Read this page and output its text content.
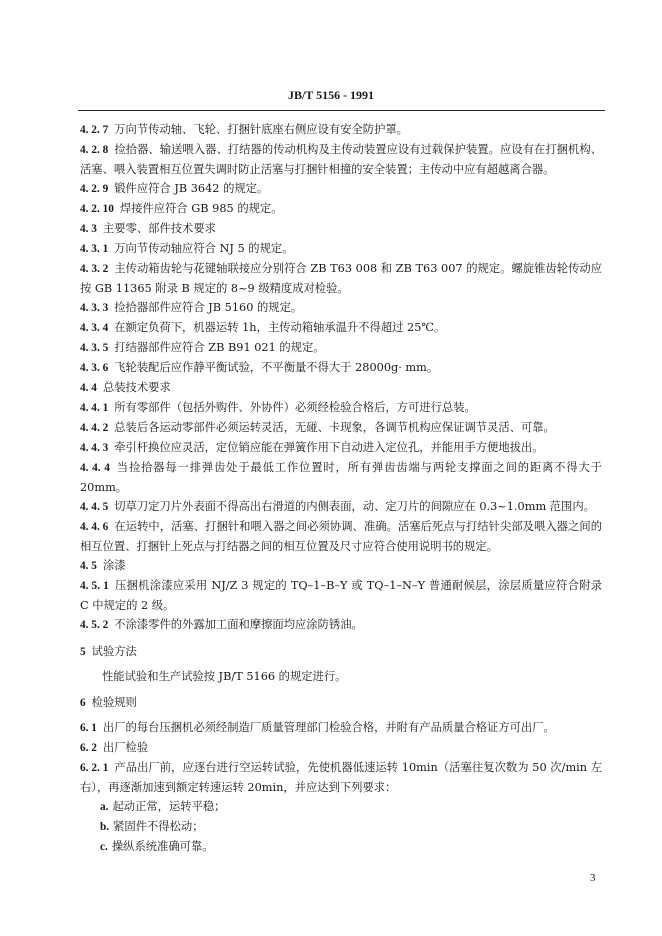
JB/T 5156 - 1991

4. 2. 7 万向节传动轴、飞轮、打捆针底座右侧应设有安全防护罩。

4. 2. 8 捡拾器、输送喂入器、打结器的传动机构及主传动装置应设有过载保护装置。应设有在打捆机构、活塞、喂入装置相互位置失调时防止活塞与打捆针相撞的安全装置；主传动中应有超越离合器。

4. 2. 9 锻件应符合 JB 3642 的规定。

4. 2. 10 焊接件应符合 GB 985 的规定。

4. 3 主要零、部件技术要求

4. 3. 1 万向节传动轴应符合 NJ 5 的规定。

4. 3. 2 主传动箱齿轮与花键轴联接应分别符合 ZB T63 008 和 ZB T63 007 的规定。螺旋锥齿轮传动应按 GB 11365 附录 B 规定的 8~9 级精度成对检验。

4. 3. 3 捡拾器部件应符合 JB 5160 的规定。

4. 3. 4 在额定负荷下，机器运转 1h，主传动箱轴承温升不得超过 25℃。

4. 3. 5 打结器部件应符合 ZB B91 021 的规定。

4. 3. 6 飞轮装配后应作静平衡试验，不平衡量不得大于 28000g· mm。

4. 4 总装技术要求

4. 4. 1 所有零部件（包括外购件、外协件）必须经检验合格后，方可进行总装。

4. 4. 2 总装后各运动零部件必须运转灵活，无碰、卡现象，各调节机构应保证调节灵活、可靠。

4. 4. 3 牵引杆换位应灵活，定位销应能在弹簧作用下自动进入定位孔，并能用手方便地拔出。

4. 4. 4 当捡拾器每一排弹齿处于最低工作位置时，所有弹齿齿端与两轮支撑面之间的距离不得大于 20mm。

4. 4. 5 切草刀定刀片外表面不得高出右滑道的内侧表面，动、定刀片的间隙应在 0.3~1.0mm 范围内。

4. 4. 6 在运转中，活塞、打捆针和喂入器之间必须协调、准确。活塞后死点与打结针尖部及喂入器之间的相互位置、打捆针上死点与打结器之间的相互位置及尺寸应符合使用说明书的规定。

4. 5 涂漆

4. 5. 1 压捆机涂漆应采用 NJ/Z 3 规定的 TQ–1–B–Y 或 TQ–1–N–Y 普通耐候层，涂层质量应符合附录 C 中规定的 2 级。

4. 5. 2 不涂漆零件的外露加工面和摩擦面均应涂防锈油。

5 试验方法

性能试验和生产试验按 JB/T 5166 的规定进行。

6 检验规则

6. 1 出厂的每台压捆机必须经制造厂质量管理部门检验合格，并附有产品质量合格证方可出厂。

6. 2 出厂检验

6. 2. 1 产品出厂前，应逐台进行空运转试验，先使机器低速运转 10min（活塞往复次数为 50 次/min 左右），再逐渐加速到额定转速运转 20min，并应达到下列要求：

a. 起动正常，运转平稳；

b. 紧固件不得松动；

c. 操纵系统准确可靠。

3
